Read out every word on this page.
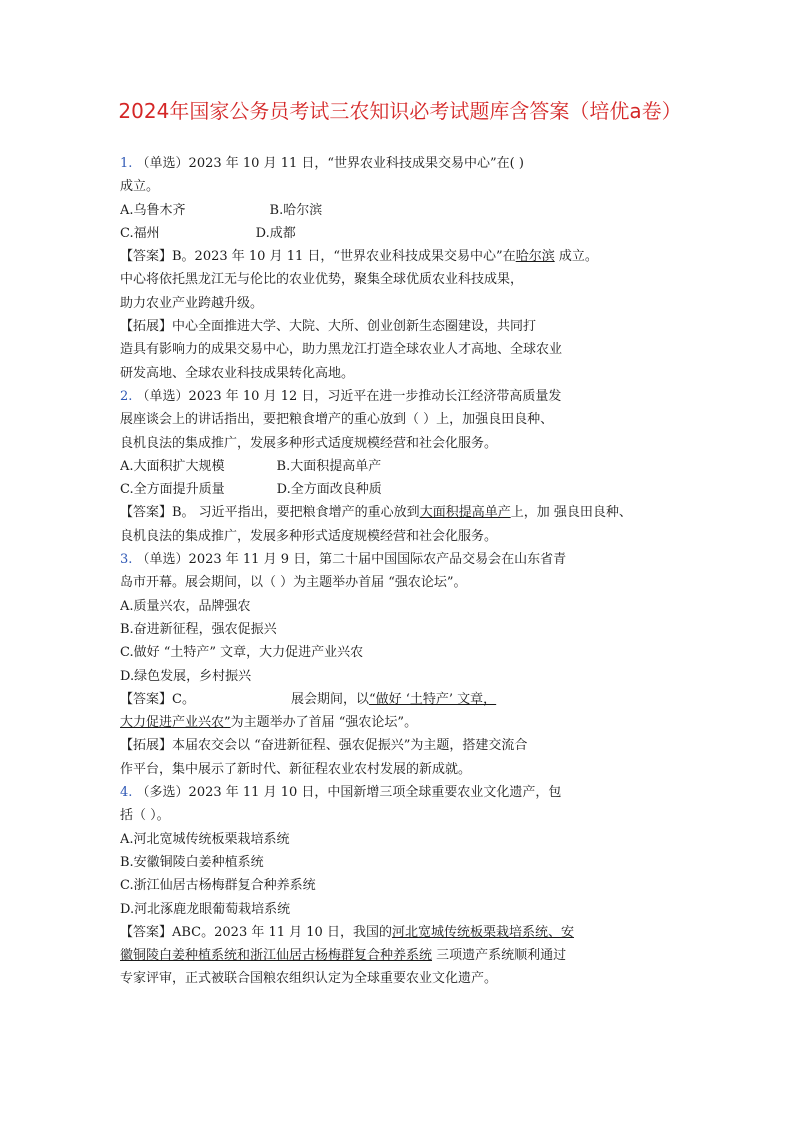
2024年国家公务员考试三农知识必考试题库含答案（培优a卷）
1. （单选）2023 年 10 月 11 日，“世界农业科技成果交易中心”在( )
成立。
A.乌鲁木齐	B.哈尔滨
C.福州	D.成都
【答案】B。2023 年 10 月 11 日，“世界农业科技成果交易中心”在哈尔滨 成立。
中心将依托黑龙江无与伦比的农业优势，聚集全球优质农业科技成果，
助力农业产业跨越升级。
【拓展】中心全面推进大学、大院、大所、创业创新生态圈建设，共同打
造具有影响力的成果交易中心，助力黑龙江打造全球农业人才高地、全球农业
研发高地、全球农业科技成果转化高地。
2. （单选）2023 年 10 月 12 日，习近平在进一步推动长江经济带高质量发
展座谈会上的讲话指出，要把粮食增产的重心放到（ ）上，加强良田良种、
良机良法的集成推广，发展多种形式适度规模经营和社会化服务。
A.大面积扩大规模	B.大面积提高单产
C.全方面提升质量	D.全方面改良种质
【答案】B。 习近平指出，要把粮食增产的重心放到大面积提高单产上，加 强良田良种、
良机良法的集成推广，发展多种形式适度规模经营和社会化服务。
3. （单选）2023 年 11 月 9 日，第二十届中国国际农产品交易会在山东省青
岛市开幕。展会期间，以（ ）为主题举办首届 “强农论坛”。
A.质量兴农，品牌强农
B.奋进新征程，强农促振兴
C.做好 “土特产” 文章，大力促进产业兴农
D.绿色发展，乡村振兴
【答案】C。	展会期间，以“做好 ‘土特产’ 文章，
大力促进产业兴农”为主题举办了首届 “强农论坛”。
【拓展】本届农交会以 “奋进新征程、强农促振兴”为主题，搭建交流合
作平台，集中展示了新时代、新征程农业农村发展的新成就。
4. （多选）2023 年 11 月 10 日，中国新增三项全球重要农业文化遗产，包
括（ ）。
A.河北宽城传统板栗栽培系统
B.安徽铜陵白姜种植系统
C.浙江仙居古杨梅群复合种养系统
D.河北涿鹿龙眼葡萄栽培系统
【答案】ABC。2023 年 11 月 10 日，我国的河北宽城传统板栗栽培系统、安
徽铜陵白姜种植系统和浙江仙居古杨梅群复合种养系统 三项遗产系统顺利通过
专家评审，正式被联合国粮农组织认定为全球重要农业文化遗产。
